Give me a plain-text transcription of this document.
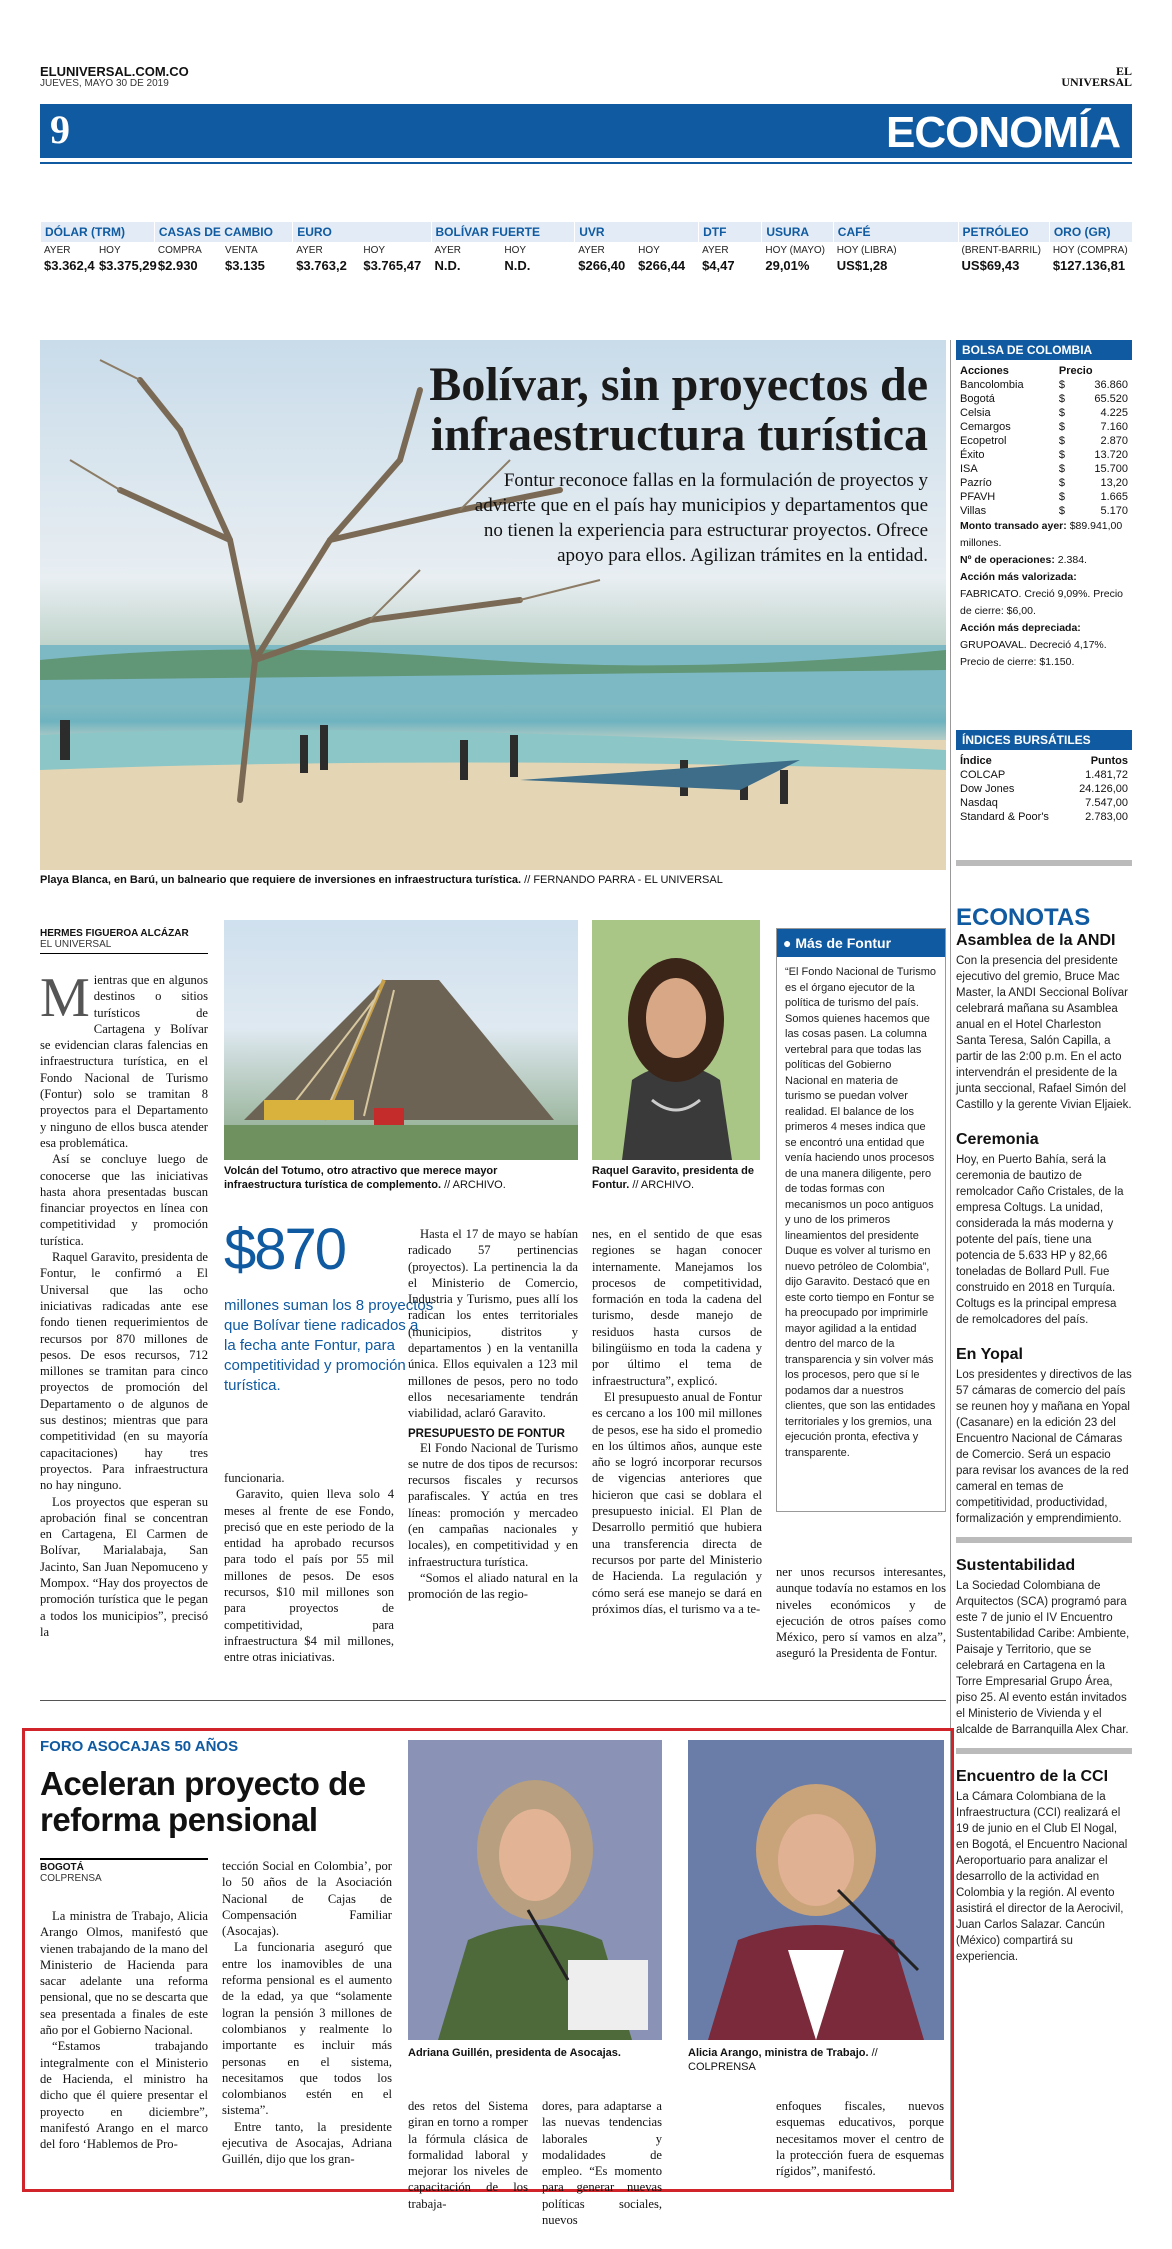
ELUNIVERSAL.COM.CO
JUEVES, MAYO 30 DE 2019
EL
UNIVERSAL
9	ECONOMÍA
DÓLAR (TRM)
AYER	HOY
$3.362,4 $3.375,29
CASAS DE CAMBIO
COMPRA	VENTA
$2.930	$3.135
EURO
AYER	HOY
$3.763,2	$3.765,47
BOLÍVAR FUERTE
AYER	HOY
N.D.	N.D.
UVR
AYER	HOY
$266,40 $266,44
DTF
AYER
$4,47
USURA
HOY (MAYO)
29,01%
CAFÉ
HOY (LIBRA)
US$1,28
PETRÓLEO
(BRENT-BARRIL)
US$69,43
ORO (GR)
HOY (COMPRA)
$127.136,81
Bolívar, sin proyectos de infraestructura turística
Fontur reconoce fallas en la formulación de proyectos y advierte que en el país hay municipios y departamentos que no tienen la experiencia para estructurar proyectos. Ofrece apoyo para ellos. Agilizan trámites en la entidad.
Playa Blanca, en Barú, un balneario que requiere de inversiones en infraestructura turística. // FERNANDO PARRA - EL UNIVERSAL
BOLSA DE COLOMBIA
Acciones	Precio	
Bancolombia	$	36.860
Bogotá	$	65.520
Celsia	$	4.225
Cemargos	$	7.160
Ecopetrol	$	2.870
Éxito	$	13.720
ISA	$	15.700
Pazrío	$	13,20
PFAVH	$	1.665
Villas	$	5.170
Monto transado ayer: $89.941,00 millones.
Nº de operaciones: 2.384.
Acción más valorizada: FABRICATO. Creció 9,09%. Precio de cierre: $6,00.
Acción más depreciada: GRUPOAVAL. Decreció 4,17%. Precio de cierre: $1.150.
ÍNDICES BURSÁTILES
Índice	Puntos
COLCAP	1.481,72
Dow Jones	24.126,00
Nasdaq	7.547,00
Standard & Poor's	2.783,00
ECONOTAS
Asamblea de la ANDI

Con la presencia del presidente ejecutivo del gremio, Bruce Mac Master, la ANDI Seccional Bolívar celebrará mañana su Asamblea anual en el Hotel Charleston Santa Teresa, Salón Capilla, a partir de las 2:00 p.m. En el acto intervendrán el presidente de la junta seccional, Rafael Simón del Castillo y la gerente Vivian Eljaiek.

Ceremonia

Hoy, en Puerto Bahía, será la ceremonia de bautizo de remolcador Caño Cristales, de la empresa Coltugs. La unidad, considerada la más moderna y potente del país, tiene una potencia de 5.633 HP y 82,66 toneladas de Bollard Pull. Fue construido en 2018 en Turquía. Coltugs es la principal empresa de remolcadores del país.

En Yopal

Los presidentes y directivos de las 57 cámaras de comercio del país se reunen hoy y mañana en Yopal (Casanare) en la edición 23 del Encuentro Nacional de Cámaras de Comercio. Será un espacio para revisar los avances de la red cameral en temas de competitividad, productividad, formalización y emprendimiento.

Sustentabilidad

La Sociedad Colombiana de Arquitectos (SCA) programó para este 7 de junio el IV Encuentro Sustentabilidad Caribe: Ambiente, Paisaje y Territorio, que se celebrará en Cartagena en la Torre Empresarial Grupo Área, piso 25. Al evento están invitados el Ministerio de Vivienda y el alcalde de Barranquilla Alex Char.

Encuentro de la CCI

La Cámara Colombiana de la Infraestructura (CCI) realizará el 19 de junio en el Club El Nogal, en Bogotá, el Encuentro Nacional Aeroportuario para analizar el desarrollo de la actividad en Colombia y la región. Al evento asistirá el director de la Aerocivil, Juan Carlos Salazar. Cancún (México) compartirá su experiencia.

HERMES FIGUEROA ALCÁZAR
EL UNIVERSAL
M ientras que en algunos destinos o sitios turísticos de Cartagena y Bolívar se evidencian claras falencias en infraestructura turística, en el Fondo Nacional de Turismo (Fontur) solo se tramitan 8 proyectos para el Departamento y ninguno de ellos busca atender esa problemática.

Así se concluye luego de conocerse que las iniciativas hasta ahora presentadas buscan financiar proyectos en línea con competitividad y promoción turística.

Raquel Garavito, presidenta de Fontur, le confirmó a El Universal que las ocho iniciativas radicadas ante ese fondo tienen requerimientos de recursos por 870 millones de pesos. De esos recursos, 712 millones se tramitan para cinco proyectos de promoción del Departamento o de algunos de sus destinos; mientras que para competitividad (en su mayoría capacitaciones) hay tres proyectos. Para infraestructura no hay ninguno.

Los proyectos que esperan su aprobación final se concentran en Cartagena, El Carmen de Bolívar, Marialabaja, San Jacinto, San Juan Nepomuceno y Mompox. “Hay dos proyectos de promoción turística que le pegan a todos los municipios”, precisó la

Volcán del Totumo, otro atractivo que merece mayor infraestructura turística de complemento. // ARCHIVO.
Raquel Garavito, presidenta de Fontur. // ARCHIVO.
$870
millones suman los 8 proyectos que Bolívar tiene radicados a la fecha ante Fontur, para competitividad y promoción turística.

funcionaria.

Garavito, quien lleva solo 4 meses al frente de ese Fondo, precisó que en este periodo de la entidad ha aprobado recursos para todo el país por 55 mil millones de pesos. De esos recursos, $10 mil millones son para proyectos de competitividad, para infraestructura $4 mil millones, entre otras iniciativas.

Hasta el 17 de mayo se habían radicado 57 pertinencias (proyectos). La pertinencia la da el Ministerio de Comercio, Industria y Turismo, pues allí los radican los entes territoriales (municipios, distritos y departamentos ) en la ventanilla única. Ellos equivalen a 123 mil millones de pesos, pero no todo ellos necesariamente tendrán viabilidad, aclaró Garavito.

PRESUPUESTO DE FONTUR

El Fondo Nacional de Turismo se nutre de dos tipos de recursos: recursos fiscales y recursos parafiscales. Y actúa en tres líneas: promoción y mercadeo (en campañas nacionales y locales), en competitividad y en infraestructura turística.

“Somos el aliado natural en la promoción de las regio-

nes, en el sentido de que esas regiones se hagan conocer internamente. Manejamos los procesos de competitividad, formación en toda la cadena del turismo, desde manejo de residuos hasta cursos de bilingüismo en toda la cadena y por último el tema de infraestructura”, explicó.

El presupuesto anual de Fontur es cercano a los 100 mil millones de pesos, ese ha sido el promedio en los últimos años, aunque este año se logró incorporar recursos de vigencias anteriores que hicieron que casi se doblara el presupuesto inicial. El Plan de Desarrollo permitió que hubiera una transferencia directa de recursos por parte del Ministerio de Hacienda. La regulación y cómo será ese manejo se dará en próximos días, el turismo va a te-

ner unos recursos interesantes, aunque todavía no estamos en los niveles económicos y de ejecución de otros países como México, pero sí vamos en alza”, aseguró la Presidenta de Fontur.

● Más de Fontur

“El Fondo Nacional de Turismo es el órgano ejecutor de la política de turismo del país. Somos quienes hacemos que las cosas pasen. La columna vertebral para que todas las políticas del Gobierno Nacional en materia de turismo se puedan volver realidad. El balance de los primeros 4 meses indica que se encontró una entidad que venía haciendo unos procesos de una manera diligente, pero de todas formas con mecanismos un poco antiguos y uno de los primeros lineamientos del presidente Duque es volver al turismo en nuevo petróleo de Colombia”, dijo Garavito. Destacó que en este corto tiempo en Fontur se ha preocupado por imprimirle mayor agilidad a la entidad dentro del marco de la transparencia y sin volver más los procesos, pero que sí le podamos dar a nuestros clientes, que son las entidades territoriales y los gremios, una ejecución pronta, efectiva y transparente.

FORO ASOCAJAS 50 AÑOS
Aceleran proyecto de reforma pensional
BOGOTÁ
COLPRENSA

La ministra de Trabajo, Alicia Arango Olmos, manifestó que vienen trabajando de la mano del Ministerio de Hacienda para sacar adelante una reforma pensional, que no se descarta que sea presentada a finales de este año por el Gobierno Nacional.

“Estamos trabajando integralmente con el Ministerio de Hacienda, el ministro ha dicho que él quiere presentar el proyecto en diciembre”, manifestó Arango en el marco del foro ‘Hablemos de Pro-

tección Social en Colombia’, por lo 50 años de la Asociación Nacional de Cajas de Compensación Familiar (Asocajas).

La funcionaria aseguró que entre los inamovibles de una reforma pensional es el aumento de la edad, ya que “solamente logran la pensión 3 millones de colombianos y realmente lo importante es incluir más personas en el sistema, necesitamos que todos los colombianos estén en el sistema”.

Entre tanto, la presidente ejecutiva de Asocajas, Adriana Guillén, dijo que los gran-

Adriana Guillén, presidenta de Asocajas.	Alicia Arango, ministra de Trabajo. // COLPRENSA

des retos del Sistema giran en torno a romper la fórmula clásica de formalidad laboral y mejorar los niveles de capacitación de los trabaja-

dores, para adaptarse a las nuevas tendencias laborales y modalidades de empleo. “Es momento para generar nuevas políticas sociales, nuevos

enfoques fiscales, nuevos esquemas educativos, porque necesitamos mover el centro de la protección fuera de esquemas rígidos”, manifestó.
